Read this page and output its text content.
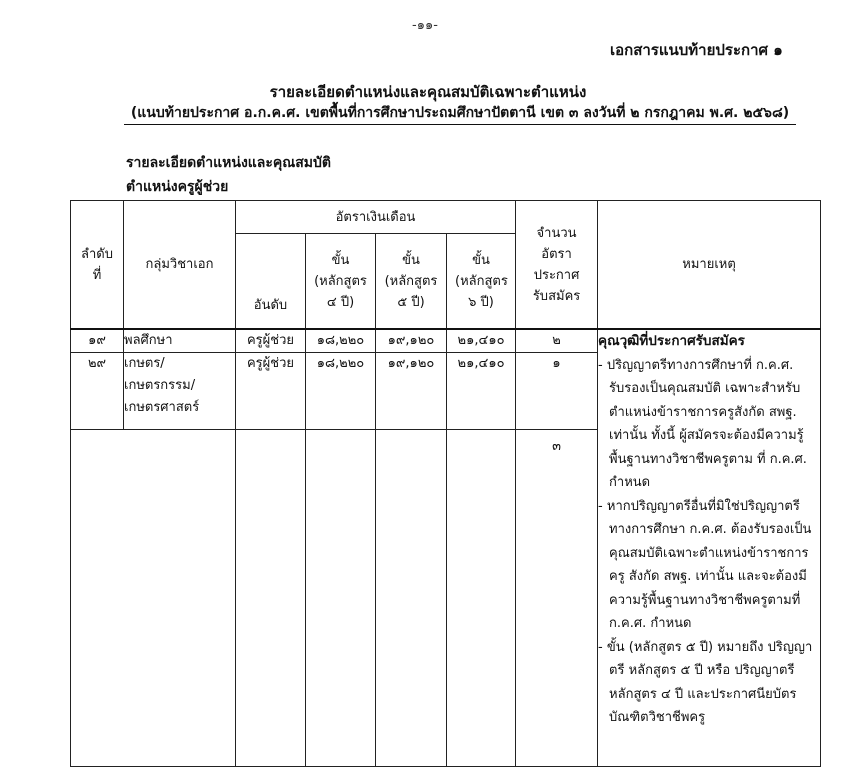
-๑๑-
เอกสารแนบท้ายประกาศ ๑
รายละเอียดตำแหน่งและคุณสมบัติเฉพาะตำแหน่ง
(แนบท้ายประกาศ อ.ก.ค.ศ. เขตพื้นที่การศึกษาประถมศึกษาปัตตานี เขต ๓ ลงวันที่ ๒ กรกฎาคม พ.ศ. ๒๕๖๘)
รายละเอียดตำแหน่งและคุณสมบัติ
ตำแหน่งครูผู้ช่วย
ลำดับที่	กลุ่มวิชาเอก	อัตราเงินเดือน				จำนวนอัตราประกาศรับสมัคร	หมายเหตุ
		อันดับ	ขั้น (หลักสูตร ๔ ปี)	ขั้น (หลักสูตร ๕ ปี)	ขั้น (หลักสูตร ๖ ปี)		
๑๙	พลศึกษา	ครูผู้ช่วย	๑๘,๒๒๐	๑๙,๑๒๐	๒๑,๔๑๐	๒	คุณวุฒิที่ประกาศรับสมัคร
- ปริญญาตรีทางการศึกษาที่ ก.ค.ศ. รับรองเป็นคุณสมบัติ เฉพาะสำหรับตำแหน่งข้าราชการครูสังกัด สพฐ. เท่านั้น ทั้งนี้ ผู้สมัครจะต้องมีความรู้พื้นฐานทางวิชาชีพครูตาม ที่ ก.ค.ศ. กำหนด
- หากปริญญาตรีอื่นที่มิใช่ปริญญาตรีทางการศึกษา ก.ค.ศ. ต้องรับรองเป็นคุณสมบัติเฉพาะตำแหน่งข้าราชการครู สังกัด สพฐ. เท่านั้น และจะต้องมีความรู้พื้นฐานทางวิชาชีพครูตามที่ ก.ค.ศ. กำหนด
- ขั้น (หลักสูตร ๕ ปี) หมายถึง ปริญญาตรี หลักสูตร ๕ ปี หรือ ปริญญาตรี หลักสูตร ๔ ปี และประกาศนียบัตรบัณฑิตวิชาชีพครู

๒๙	เกษตร/ เกษตรกรรม/ เกษตรศาสตร์	ครูผู้ช่วย	๑๘,๒๒๐	๑๙,๑๒๐	๒๑,๔๑๐	๑	
						๓	
